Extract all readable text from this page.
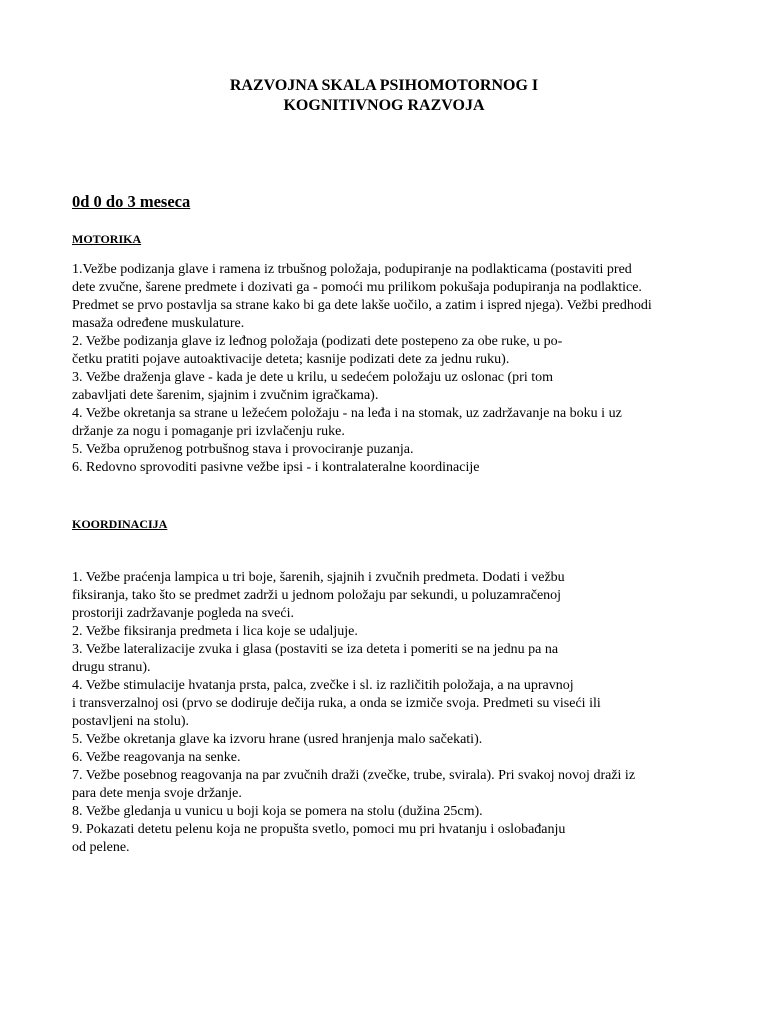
RAZVOJNA SKALA PSIHOMOTORNOG I
KOGNITIVNOG RAZVOJA
0d 0 do 3 meseca
MOTORIKA
1.Vežbe podizanja glave i ramena iz trbušnog položaja, podupiranje na podlakticama (postaviti pred
dete zvučne, šarene predmete i dozivati ga - pomoći mu prilikom pokušaja podupiranja na podlaktice.
Predmet se prvo postavlja sa strane kako bi ga dete lakše uočilo, a zatim i ispred njega). Vežbi predhodi
masaža određene muskulature.
2. Vežbe podizanja glave iz leđnog položaja (podizati dete postepeno za obe ruke, u po-
četku pratiti pojave autoaktivacije deteta; kasnije podizati dete za jednu ruku).
3. Vežbe draženja glave - kada je dete u krilu, u sedećem položaju uz oslonac (pri tom
zabavljati dete šarenim, sjajnim i zvučnim igračkama).
4. Vežbe okretanja sa strane u ležećem položaju - na leđa i na stomak, uz zadržavanje na boku i uz
držanje za nogu i pomaganje pri izvlačenju ruke.
5. Vežba opruženog potrbušnog stava i provociranje puzanja.
6. Redovno sprovoditi pasivne vežbe ipsi - i kontralateralne koordinacije
KOORDINACIJA
1. Vežbe praćenja lampica u tri boje, šarenih, sjajnih i zvučnih predmeta. Dodati i vežbu
fiksiranja, tako što se predmet zadrži u jednom položaju par sekundi, u poluzamračenoj
prostoriji zadržavanje pogleda na sveći.
2. Vežbe fiksiranja predmeta i lica koje se udaljuje.
3. Vežbe lateralizacije zvuka i glasa (postaviti se iza deteta i pomeriti se na jednu pa na
drugu stranu).
4. Vežbe stimulacije hvatanja prsta, palca, zvečke i sl. iz različitih položaja, a na upravnoj
i transverzalnoj osi (prvo se dodiruje dečija ruka, a onda se izmiče svoja. Predmeti su viseći ili
postavljeni na stolu).
5. Vežbe okretanja glave ka izvoru hrane (usred hranjenja malo sačekati).
6. Vežbe reagovanja na senke.
7. Vežbe posebnog reagovanja na par zvučnih draži (zvečke, trube, svirala). Pri svakoj novoj draži iz
para dete menja svoje držanje.
8. Vežbe gledanja u vunicu u boji koja se pomera na stolu (dužina 25cm).
9. Pokazati detetu pelenu koja ne propušta svetlo, pomoci mu pri hvatanju i oslobađanju
od pelene.
